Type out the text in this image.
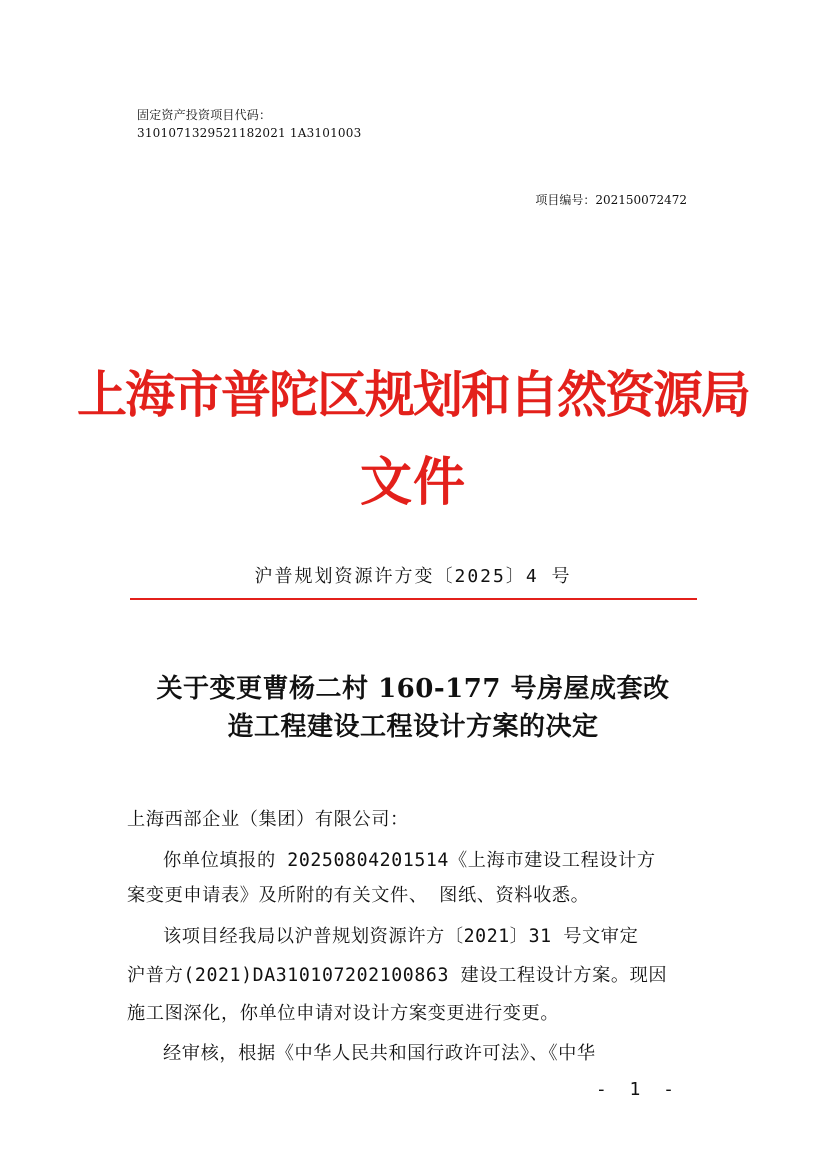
固定资产投资项目代码：
3101071329521182021 1A3101003
项目编号：202150072472
上海市普陀区规划和自然资源局
文件
沪普规划资源许方变〔2025〕4 号
关于变更曹杨二村 160-177 号房屋成套改
造工程建设工程设计方案的决定
上海西部企业（集团）有限公司：
你单位填报的 20250804201514《上海市建设工程设计方
案变更申请表》及所附的有关文件、 图纸、资料收悉。
该项目经我局以沪普规划资源许方〔2021〕31 号文审定
沪普方(2021)DA310107202100863 建设工程设计方案。现因
施工图深化，你单位申请对设计方案变更进行变更。
经审核，根据《中华人民共和国行政许可法》、《中华
- 1 -
